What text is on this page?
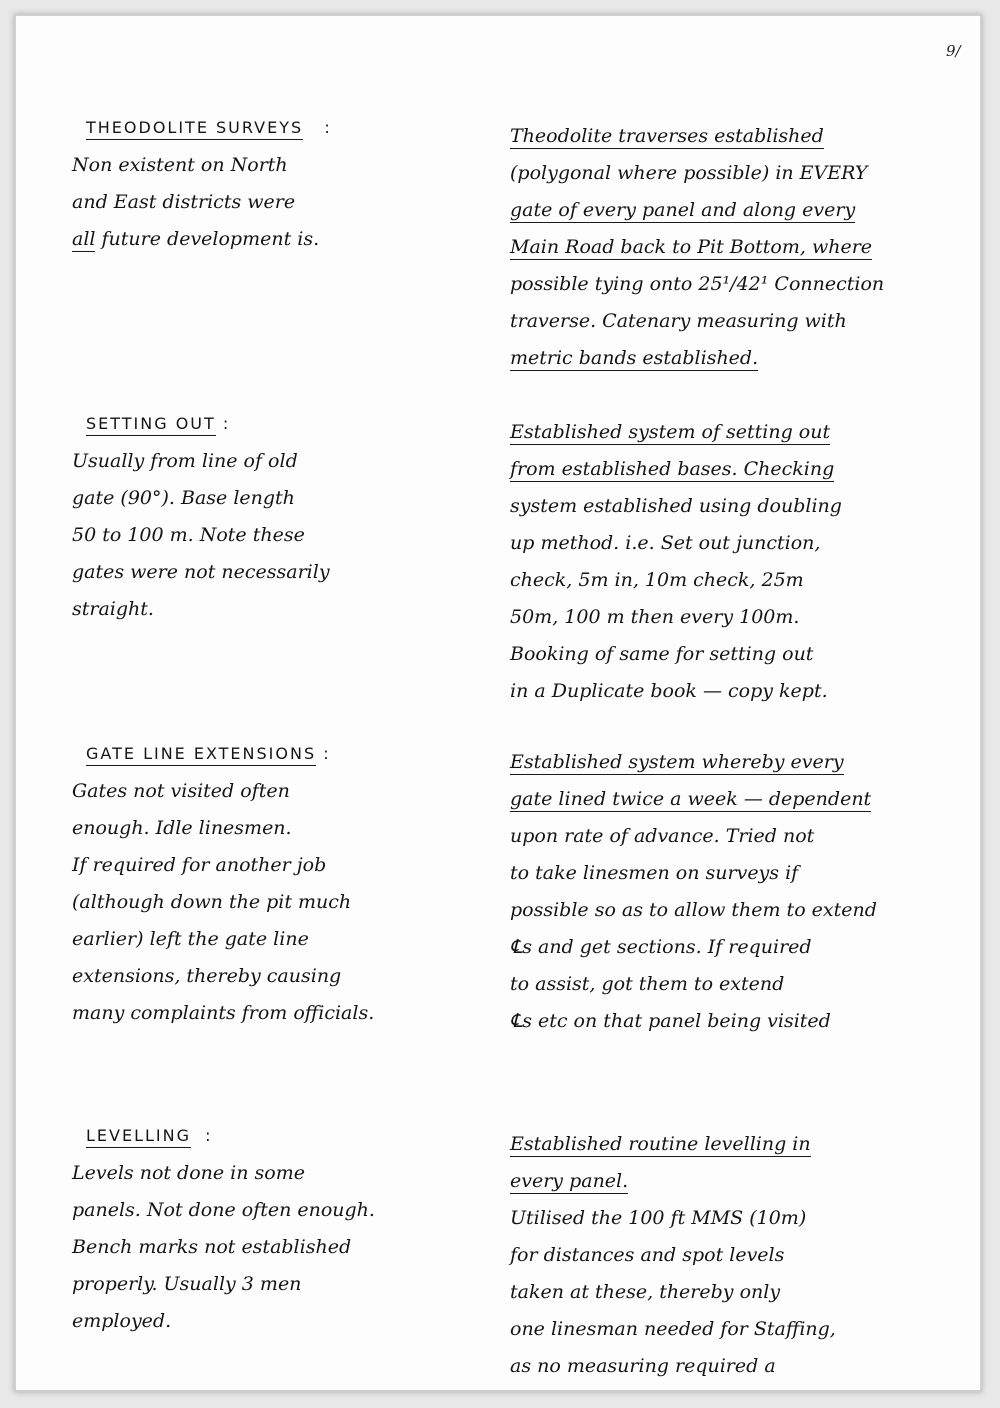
9/
THEODOLITE SURVEYS :
Non existent on North
and East districts were
all future development is.
Theodolite traverses established
(polygonal where possible) in EVERY
gate of every panel and along every
Main Road back to Pit Bottom, where
possible tying onto 25¹/42¹ Connection
traverse. Catenary measuring with
metric bands established.
SETTING OUT :
Usually from line of old
gate (90°). Base length
50 to 100 m. Note these
gates were not necessarily
straight.
Established system of setting out
from established bases. Checking
system established using doubling
up method. i.e. Set out junction,
check, 5m in, 10m check, 25m
50m, 100 m then every 100m.
Booking of same for setting out
in a Duplicate book — copy kept.
GATE LINE EXTENSIONS :
Gates not visited often
enough. Idle linesmen.
If required for another job
(although down the pit much
earlier) left the gate line
extensions, thereby causing
many complaints from officials.
Established system whereby every
gate lined twice a week — dependent
upon rate of advance. Tried not
to take linesmen on surveys if
possible so as to allow them to extend
℄s and get sections. If required
to assist, got them to extend
℄s etc on that panel being visited
LEVELLING :
Levels not done in some
panels. Not done often enough.
Bench marks not established
properly. Usually 3 men
employed.
Established routine levelling in
every panel.
Utilised the 100 ft MMS (10m)
for distances and spot levels
taken at these, thereby only
one linesman needed for Staffing,
as no measuring required a
